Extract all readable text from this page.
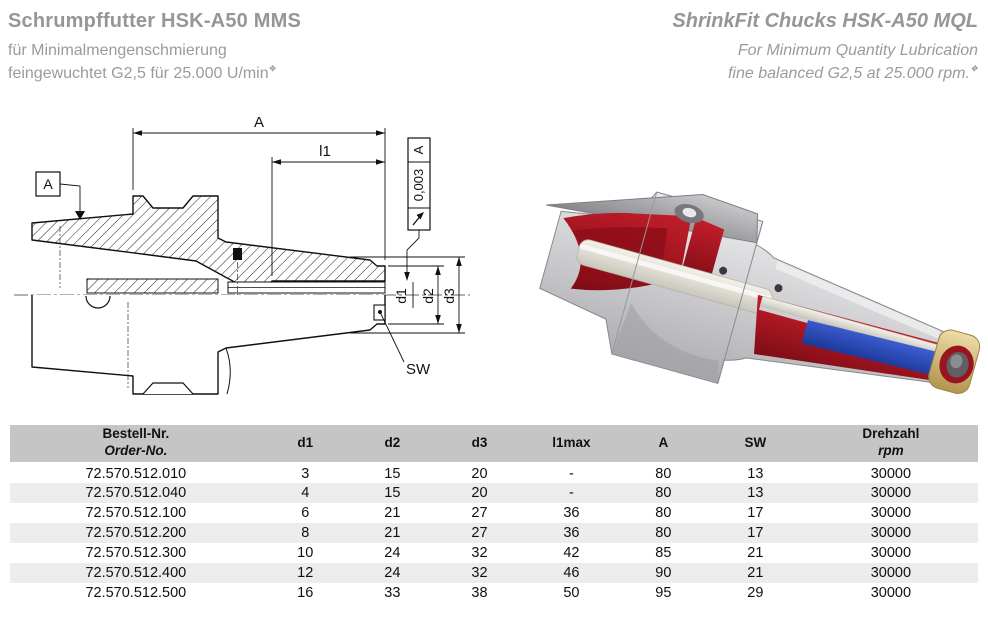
Schrumpffutter HSK-A50 MMS
für Minimalmengenschmierung
feingewuchtet G2,5 für 25.000 U/min❖
ShrinkFit Chucks HSK-A50 MQL
For Minimum Quantity Lubrication
fine balanced G2,5 at 25.000 rpm.❖
A
l1
A
A
0,003
d1 d2 d3
SW
Bestell-Nr.
Order-No.	d1	d2	d3	l1max	A	SW	Drehzahl
rpm
72.570.512.010	3	15	20	-	80	13	30000
72.570.512.040	4	15	20	-	80	13	30000
72.570.512.100	6	21	27	36	80	17	30000
72.570.512.200	8	21	27	36	80	17	30000
72.570.512.300	10	24	32	42	85	21	30000
72.570.512.400	12	24	32	46	90	21	30000
72.570.512.500	16	33	38	50	95	29	30000
